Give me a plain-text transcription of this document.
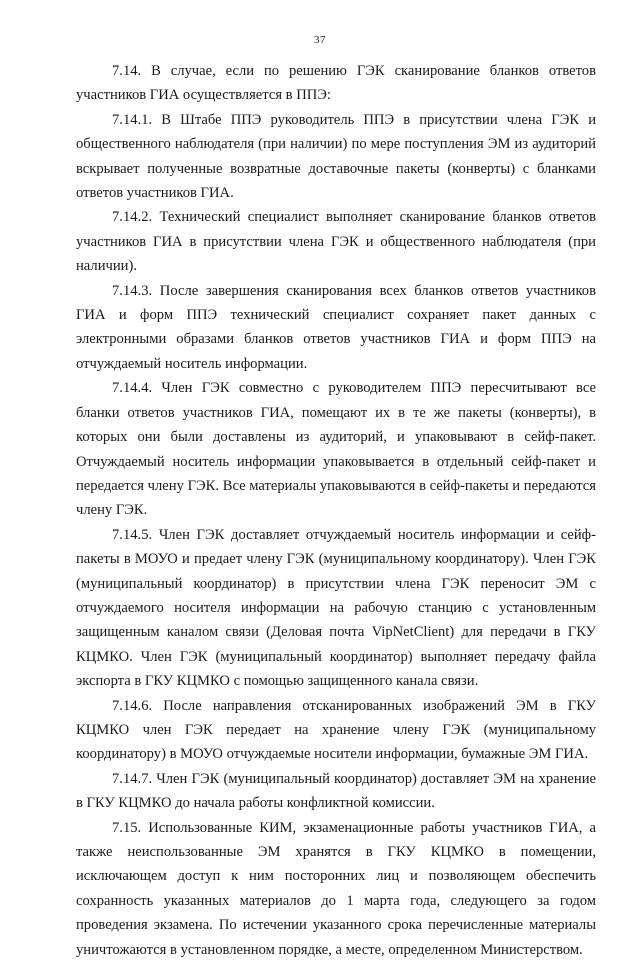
37

7.14. В случае, если по решению ГЭК сканирование бланков ответов участников ГИА осуществляется в ППЭ:

7.14.1. В Штабе ППЭ руководитель ППЭ в присутствии члена ГЭК и общественного наблюдателя (при наличии) по мере поступления ЭМ из аудиторий вскрывает полученные возвратные доставочные пакеты (конверты) с бланками ответов участников ГИА.

7.14.2. Технический специалист выполняет сканирование бланков ответов участников ГИА в присутствии члена ГЭК и общественного наблюдателя (при наличии).

7.14.3. После завершения сканирования всех бланков ответов участников ГИА и форм ППЭ технический специалист сохраняет пакет данных с электронными образами бланков ответов участников ГИА и форм ППЭ на отчуждаемый носитель информации.

7.14.4. Член ГЭК совместно с руководителем ППЭ пересчитывают все бланки ответов участников ГИА, помещают их в те же пакеты (конверты), в которых они были доставлены из аудиторий, и упаковывают в сейф-пакет. Отчуждаемый носитель информации упаковывается в отдельный сейф-пакет и передается члену ГЭК. Все материалы упаковываются в сейф-пакеты и передаются члену ГЭК.

7.14.5. Член ГЭК доставляет отчуждаемый носитель информации и сейф-пакеты в МОУО и предает члену ГЭК (муниципальному координатору). Член ГЭК (муниципальный координатор) в присутствии члена ГЭК переносит ЭМ с отчуждаемого носителя информации на рабочую станцию с установленным защищенным каналом связи (Деловая почта VipNetClient) для передачи в ГКУ КЦМКО. Член ГЭК (муниципальный координатор) выполняет передачу файла экспорта в ГКУ КЦМКО с помощью защищенного канала связи.

7.14.6. После направления отсканированных изображений ЭМ в ГКУ КЦМКО член ГЭК передает на хранение члену ГЭК (муниципальному координатору) в МОУО отчуждаемые носители информации, бумажные ЭМ ГИА.

7.14.7. Член ГЭК (муниципальный координатор) доставляет ЭМ на хранение в ГКУ КЦМКО до начала работы конфликтной комиссии.

7.15. Использованные КИМ, экзаменационные работы участников ГИА, а также неиспользованные ЭМ хранятся в ГКУ КЦМКО в помещении, исключающем доступ к ним посторонних лиц и позволяющем обеспечить сохранность указанных материалов до 1 марта года, следующего за годом проведения экзамена. По истечении указанного срока перечисленные материалы уничтожаются в установленном порядке, а месте, определенном Министерством.
